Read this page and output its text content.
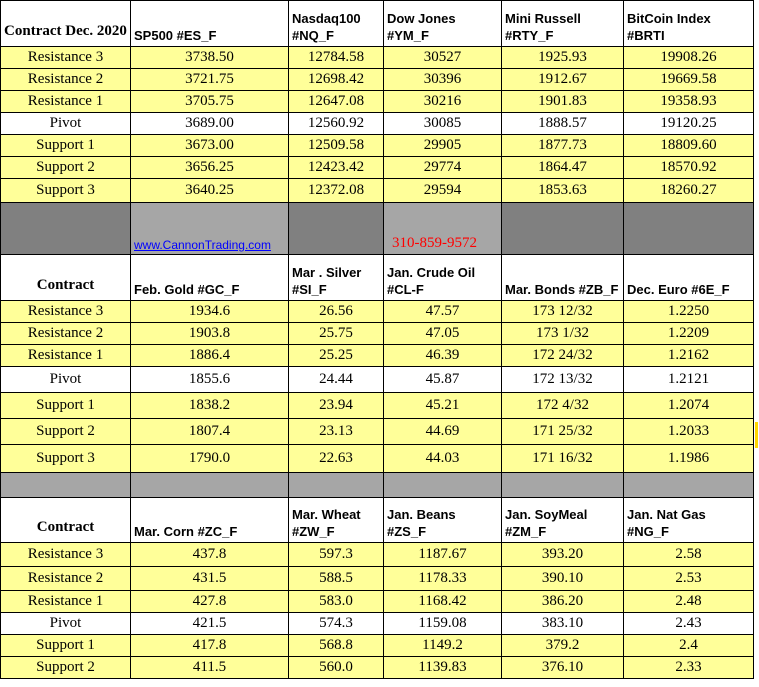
Contract Dec. 2020	SP500 #ES_F	Nasdaq100 #NQ_F	Dow Jones #YM_F	Mini Russell #RTY_F	BitCoin Index #BRTI
Resistance 3	3738.50	12784.58	30527	1925.93	19908.26
Resistance 2	3721.75	12698.42	30396	1912.67	19669.58
Resistance 1	3705.75	12647.08	30216	1901.83	19358.93
Pivot	3689.00	12560.92	30085	1888.57	19120.25
Support 1	3673.00	12509.58	29905	1877.73	18809.60
Support 2	3656.25	12423.42	29774	1864.47	18570.92
Support 3	3640.25	12372.08	29594	1853.63	18260.27
	www.CannonTrading.com		310-859-9572		
Contract	Feb. Gold #GC_F	Mar . Silver #SI_F	Jan. Crude Oil #CL-F	Mar. Bonds #ZB_F	Dec. Euro #6E_F
Resistance 3	1934.6	26.56	47.57	173 12/32	1.2250
Resistance 2	1903.8	25.75	47.05	173 1/32	1.2209
Resistance 1	1886.4	25.25	46.39	172 24/32	1.2162
Pivot	1855.6	24.44	45.87	172 13/32	1.2121
Support 1	1838.2	23.94	45.21	172 4/32	1.2074
Support 2	1807.4	23.13	44.69	171 25/32	1.2033
Support 3	1790.0	22.63	44.03	171 16/32	1.1986

Contract	Mar. Corn #ZC_F	Mar. Wheat #ZW_F	Jan. Beans #ZS_F	Jan. SoyMeal #ZM_F	Jan. Nat Gas #NG_F
Resistance 3	437.8	597.3	1187.67	393.20	2.58
Resistance 2	431.5	588.5	1178.33	390.10	2.53
Resistance 1	427.8	583.0	1168.42	386.20	2.48
Pivot	421.5	574.3	1159.08	383.10	2.43
Support 1	417.8	568.8	1149.2	379.2	2.4
Support 2	411.5	560.0	1139.83	376.10	2.33
